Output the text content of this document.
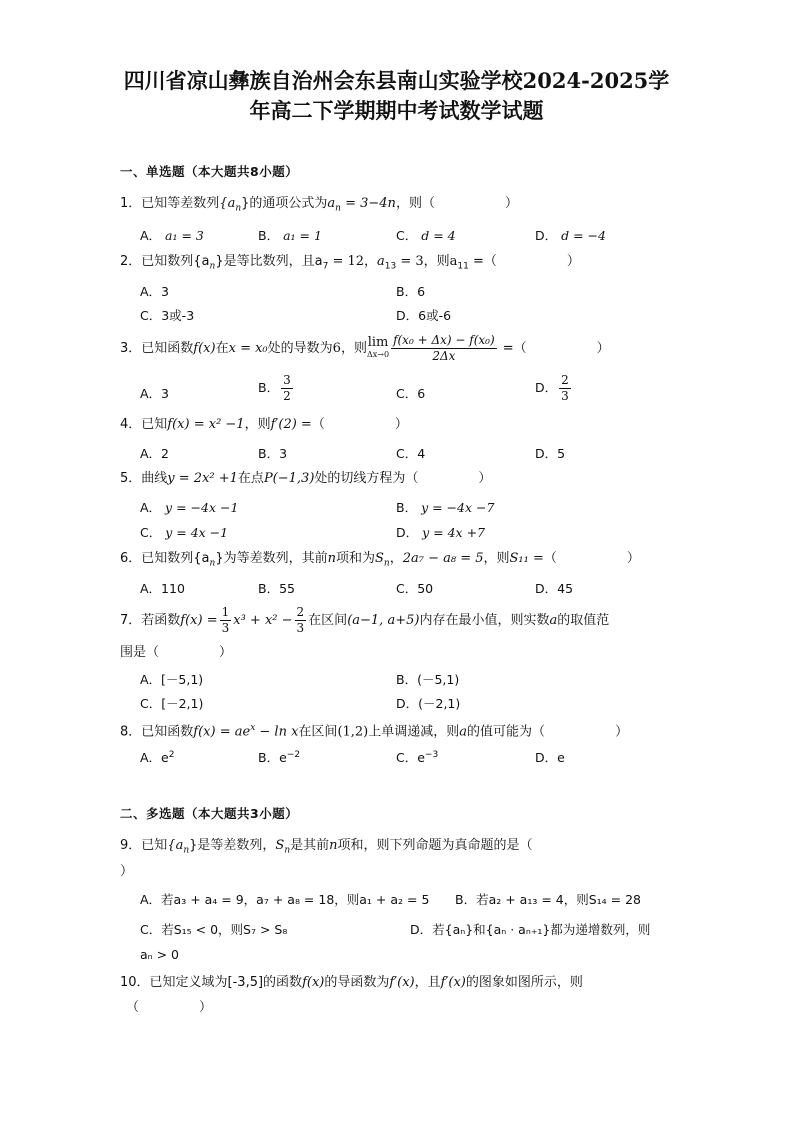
四川省凉山彝族自治州会东县南山实验学校2024-2025学
年高二下学期期中考试数学试题
一、单选题（本大题共8小题）
1．已知等差数列$\{a_n\}$的通项公式为$a_n = 3-4n$，则（	）
A． a₁ = 3	B． a₁ = 1	C． d = 4	D． d = −4
2．已知数列$\{a_n\}$是等比数列，且$a_7 = 12$，$a_{13} = 3$，则$a_{11}$ =（	）
A．3	B．6
C．3或-3	D．6或-6
3．已知函数f(x)在x = x₀处的导数为6，则 lim
$\Delta x\to 0 \frac{\text{f(x₀ + Δx) − f(x₀)}}{2\Delta x}$ =（	）
A．3	B． $\frac{3}{2}$	C．6	D． $\frac{2}{3}$
4．已知f(x) = x² −1，则f′(2) =（	）
A．2	B．3	C．4	D．5
5．曲线y = 2x² +1在点P(−1,3)处的切线方程为（	）
A． y = −4x −1	B． y = −4x −7
C． y = 4x −1	D． y = 4x +7
6．已知数列$\{a_n\}$为等差数列，其前n项和为$S_n$，2a₇ − a₈ = 5，则S₁₁ =（	）
A．110	B．55	C．50	D．45
7．若函数$f(x) = \frac{1}{3} x^3 + x^2 - \frac{2}{3}$ 在区间(a−1, a+5)内存在最小值，则实数a的取值范
围是（	）
A．[－5,1)	B．(－5,1)
C．[－2,1)	D．(－2,1)
8．已知函数$f(x) = ae^x - \ln x$在区间(1,2)上单调递减，则a的值可能为（	）
A．$e^2$	B．$e^{-2}$	C．$e^{-3}$	D．e
二、多选题（本大题共3小题）
9．已知$\{a_n\}$是等差数列，$S_n$是其前n项和，则下列命题为真命题的是（
）
A．若a₃ + a₄ = 9，a₇ + a₈ = 18，则a₁ + a₂ = 5 B．若a₂ + a₁₃ = 4，则S₁₄ = 28
C．若S₁₅ < 0，则S₇ > S₈	D．若{aₙ}和{aₙ · aₙ₊₁}都为递增数列，则
aₙ > 0
10．已知定义域为[-3,5]的函数f(x)的导函数为f′(x)，且f′(x)的图象如图所示，则
（	）
